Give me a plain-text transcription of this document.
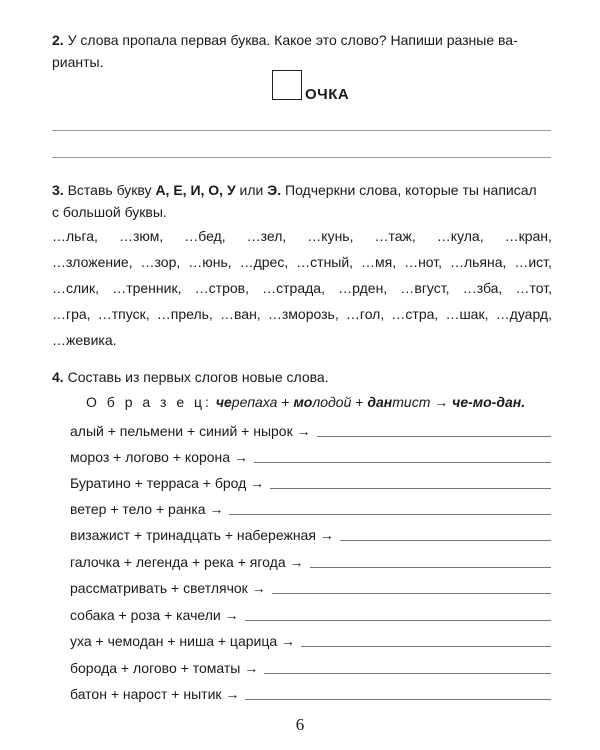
2. У слова пропала первая буква. Какое это слово? Напиши разные ва-
рианты.
ОЧКА
3. Вставь букву А, Е, И, О, У или Э. Подчеркни слова, которые ты написал
с большой буквы.
…льга, …зюм, …бед, …зел, …кунь, …таж, …кула, …кран,
…зложение, …зор, …юнь, …дрес, …стный, …мя, …нот, …льяна, …ист,
…слик, …тренник, …стров, …страда, …рден, …вгуст, …зба, …тот,
…гра, …тпуск, …прель, …ван, …зморозь, …гол, …стра, …шак, …дуард,
…жевика.
4. Составь из первых слогов новые слова.
О б р а з е ц: черепаха + молодой + дантист → че-мо-дан.
алый + пельмени + синий + нырок →
мороз + логово + корона →
Буратино + терраса + брод →
ветер + тело + ранка →
визажист + тринадцать + набережная →
галочка + легенда + река + ягода →
рассматривать + светлячок →
собака + роза + качели →
уха + чемодан + ниша + царица →
борода + логово + томаты →
батон + нарост + нытик →
6
